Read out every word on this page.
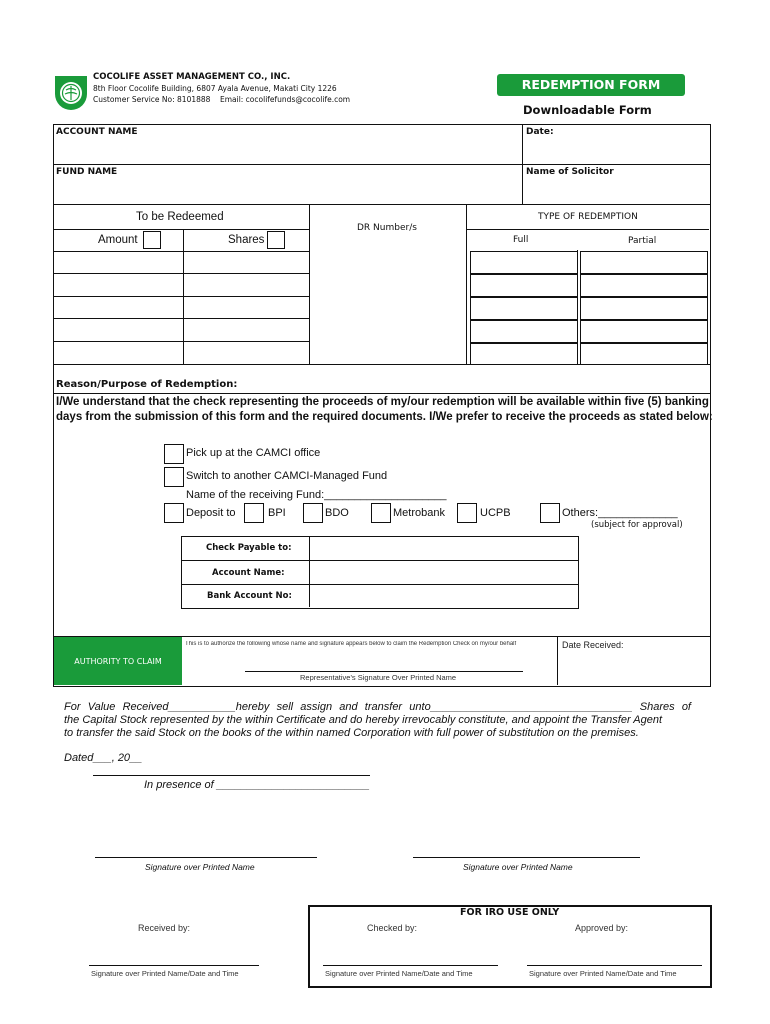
COCOLIFE ASSET MANAGEMENT CO., INC.
8th Floor Cocolife Building, 6807 Ayala Avenue, Makati City 1226
Customer Service No: 8101888    Email: cocolifefunds@cocolife.com
REDEMPTION FORM
Downloadable Form
ACCOUNT NAME	Date:
FUND NAME	Name of Solicitor
To be Redeemed
Amount	Shares
DR Number/s
TYPE OF REDEMPTION
Full	Partial
Reason/Purpose of Redemption:
I/We understand that the check representing the proceeds of my/our redemption will be available within five (5) banking
days from the submission of this form and the required documents. I/We prefer to receive the proceeds as stated below:
Pick up at the CAMCI office
Switch to another CAMCI-Managed Fund
Name of the receiving Fund:____________________
Deposit to	BPI	BDO	Metrobank	UCPB	Others:_____________
(subject for approval)
Check Payable to:
Account Name:
Bank Account No:
AUTHORITY TO CLAIM
This is to authorize the following whose name and signature appears below to claim the Redemption Check on my/our behalf	Date Received:
Representative's Signature Over Printed Name
For Value Received___________hereby sell assign and transfer unto_________________________________ Shares of
the Capital Stock represented by the within Certificate and do hereby irrevocably constitute, and appoint the Transfer Agent
to transfer the said Stock on the books of the within named Corporation with full power of substitution on the premises.
Dated___, 20__
In presence of _________________________
Signature over Printed Name	Signature over Printed Name
FOR IRO USE ONLY
Received by:	Checked by:	Approved by:
Signature over Printed Name/Date and Time	Signature over Printed Name/Date and Time	Signature over Printed Name/Date and Time
